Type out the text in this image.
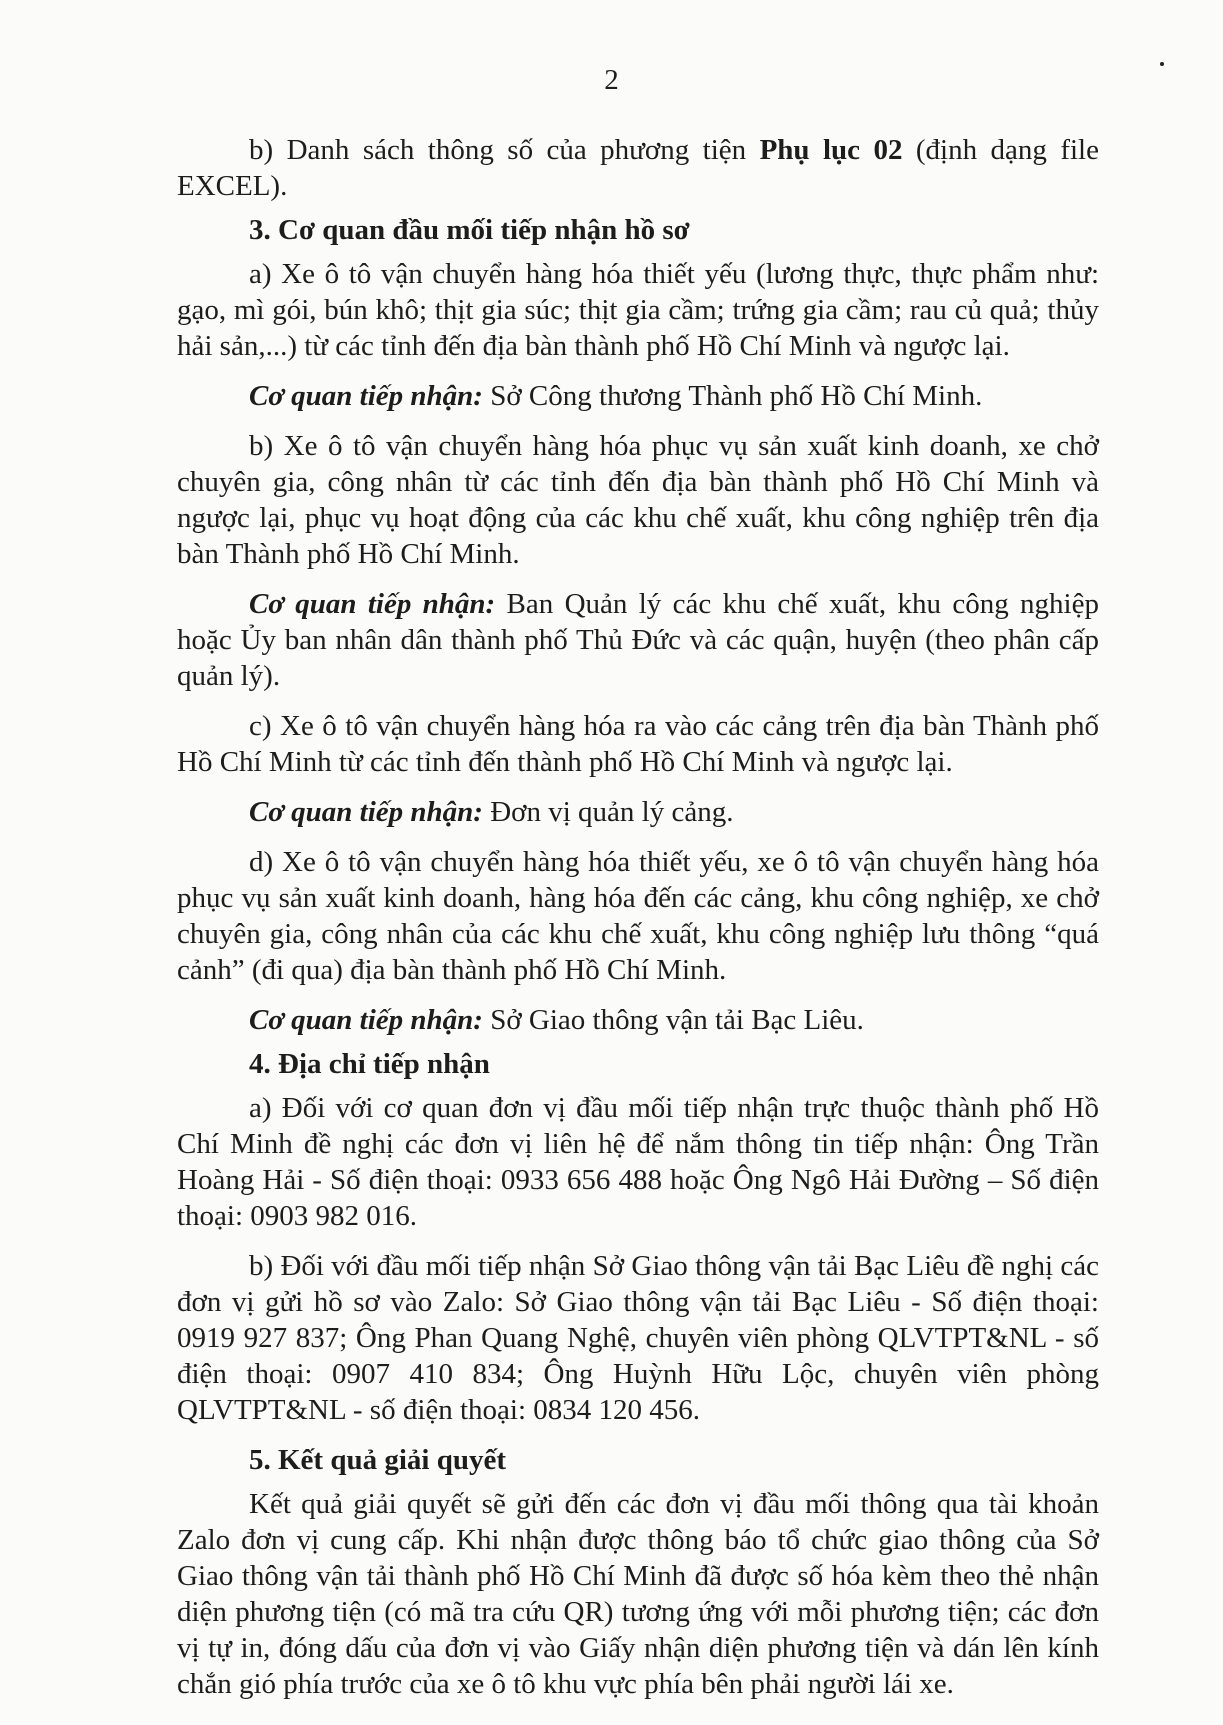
2

b) Danh sách thông số của phương tiện Phụ lục 02 (định dạng file EXCEL).

3. Cơ quan đầu mối tiếp nhận hồ sơ

a) Xe ô tô vận chuyển hàng hóa thiết yếu (lương thực, thực phẩm như: gạo, mì gói, bún khô; thịt gia súc; thịt gia cầm; trứng gia cầm; rau củ quả; thủy hải sản,...) từ các tỉnh đến địa bàn thành phố Hồ Chí Minh và ngược lại.

Cơ quan tiếp nhận: Sở Công thương Thành phố Hồ Chí Minh.

b) Xe ô tô vận chuyển hàng hóa phục vụ sản xuất kinh doanh, xe chở chuyên gia, công nhân từ các tỉnh đến địa bàn thành phố Hồ Chí Minh và ngược lại, phục vụ hoạt động của các khu chế xuất, khu công nghiệp trên địa bàn Thành phố Hồ Chí Minh.

Cơ quan tiếp nhận: Ban Quản lý các khu chế xuất, khu công nghiệp hoặc Ủy ban nhân dân thành phố Thủ Đức và các quận, huyện (theo phân cấp quản lý).

c) Xe ô tô vận chuyển hàng hóa ra vào các cảng trên địa bàn Thành phố Hồ Chí Minh từ các tỉnh đến thành phố Hồ Chí Minh và ngược lại.

Cơ quan tiếp nhận: Đơn vị quản lý cảng.

d) Xe ô tô vận chuyển hàng hóa thiết yếu, xe ô tô vận chuyển hàng hóa phục vụ sản xuất kinh doanh, hàng hóa đến các cảng, khu công nghiệp, xe chở chuyên gia, công nhân của các khu chế xuất, khu công nghiệp lưu thông “quá cảnh” (đi qua) địa bàn thành phố Hồ Chí Minh.

Cơ quan tiếp nhận: Sở Giao thông vận tải Bạc Liêu.

4. Địa chỉ tiếp nhận

a) Đối với cơ quan đơn vị đầu mối tiếp nhận trực thuộc thành phố Hồ Chí Minh đề nghị các đơn vị liên hệ để nắm thông tin tiếp nhận: Ông Trần Hoàng Hải - Số điện thoại: 0933 656 488 hoặc Ông Ngô Hải Đường – Số điện thoại: 0903 982 016.

b) Đối với đầu mối tiếp nhận Sở Giao thông vận tải Bạc Liêu đề nghị các đơn vị gửi hồ sơ vào Zalo: Sở Giao thông vận tải Bạc Liêu - Số điện thoại: 0919 927 837; Ông Phan Quang Nghệ, chuyên viên phòng QLVTPT&NL - số điện thoại: 0907 410 834; Ông Huỳnh Hữu Lộc, chuyên viên phòng QLVTPT&NL - số điện thoại: 0834 120 456.

5. Kết quả giải quyết

Kết quả giải quyết sẽ gửi đến các đơn vị đầu mối thông qua tài khoản Zalo đơn vị cung cấp. Khi nhận được thông báo tổ chức giao thông của Sở Giao thông vận tải thành phố Hồ Chí Minh đã được số hóa kèm theo thẻ nhận diện phương tiện (có mã tra cứu QR) tương ứng với mỗi phương tiện; các đơn vị tự in, đóng dấu của đơn vị vào Giấy nhận diện phương tiện và dán lên kính chắn gió phía trước của xe ô tô khu vực phía bên phải người lái xe.
